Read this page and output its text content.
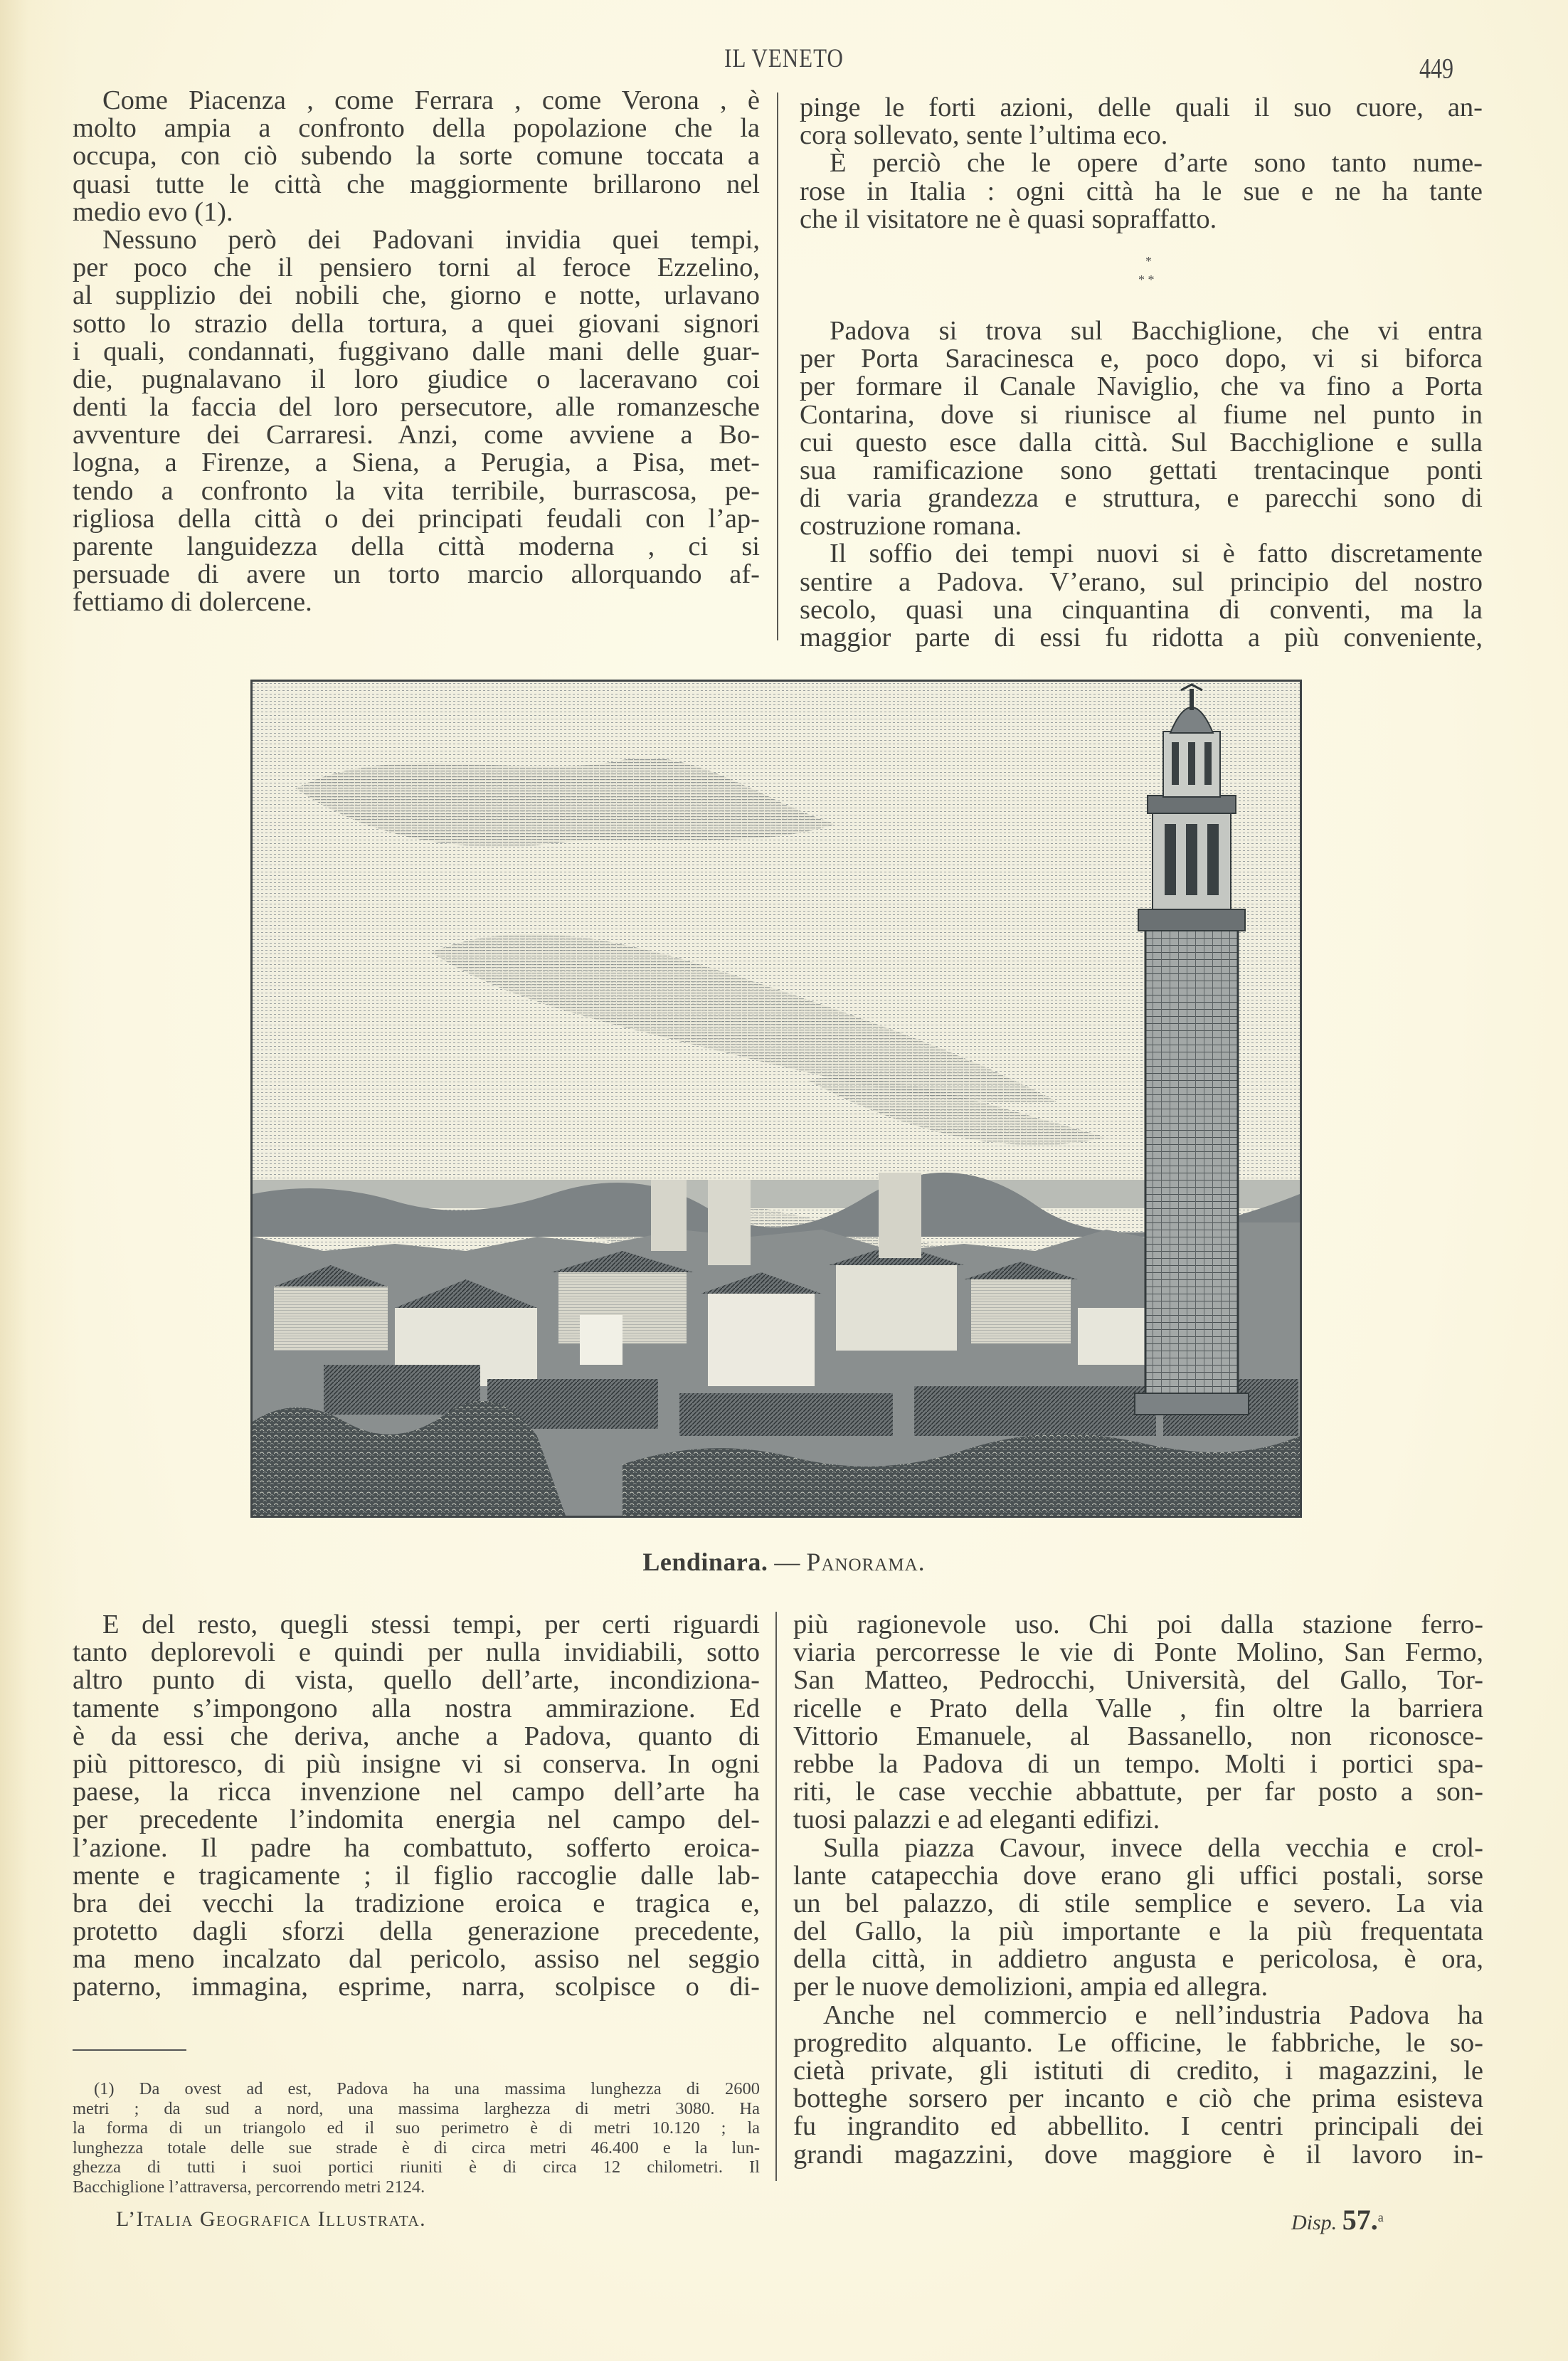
IL VENETO	449
Come Piacenza , come Ferrara , come Verona , è
molto ampia a confronto della popolazione che la
occupa, con ciò subendo la sorte comune toccata a
quasi tutte le città che maggiormente brillarono nel
medio evo (1).
Nessuno però dei Padovani invidia quei tempi,
per poco che il pensiero torni al feroce Ezzelino,
al supplizio dei nobili che, giorno e notte, urlavano
sotto lo strazio della tortura, a quei giovani signori
i quali, condannati, fuggivano dalle mani delle guar-
die, pugnalavano il loro giudice o laceravano coi
denti la faccia del loro persecutore, alle romanzesche
avventure dei Carraresi. Anzi, come avviene a Bo-
logna, a Firenze, a Siena, a Perugia, a Pisa, met-
tendo a confronto la vita terribile, burrascosa, pe-
rigliosa della città o dei principati feudali con l’ap-
parente languidezza della città moderna , ci si
persuade di avere un torto marcio allorquando af-
fettiamo di dolercene.
pinge le forti azioni, delle quali il suo cuore, an-
cora sollevato, sente l’ultima eco.
È perciò che le opere d’arte sono tanto nume-
rose in Italia : ogni città ha le sue e ne ha tante
che il visitatore ne è quasi sopraffatto.
*
* *
Padova si trova sul Bacchiglione, che vi entra
per Porta Saracinesca e, poco dopo, vi si biforca
per formare il Canale Naviglio, che va fino a Porta
Contarina, dove si riunisce al fiume nel punto in
cui questo esce dalla città. Sul Bacchiglione e sulla
sua ramificazione sono gettati trentacinque ponti
di varia grandezza e struttura, e parecchi sono di
costruzione romana.
Il soffio dei tempi nuovi si è fatto discretamente
sentire a Padova. V’erano, sul principio del nostro
secolo, quasi una cinquantina di conventi, ma la
maggior parte di essi fu ridotta a più conveniente,
Lendinara. — Panorama.
E del resto, quegli stessi tempi, per certi riguardi
tanto deplorevoli e quindi per nulla invidiabili, sotto
altro punto di vista, quello dell’arte, incondiziona-
tamente s’impongono alla nostra ammirazione. Ed
è da essi che deriva, anche a Padova, quanto di
più pittoresco, di più insigne vi si conserva. In ogni
paese, la ricca invenzione nel campo dell’arte ha
per precedente l’indomita energia nel campo del-
l’azione. Il padre ha combattuto, sofferto eroica-
mente e tragicamente ; il figlio raccoglie dalle lab-
bra dei vecchi la tradizione eroica e tragica e,
protetto dagli sforzi della generazione precedente,
ma meno incalzato dal pericolo, assiso nel seggio
paterno, immagina, esprime, narra, scolpisce o di-
più ragionevole uso. Chi poi dalla stazione ferro-
viaria percorresse le vie di Ponte Molino, San Fermo,
San Matteo, Pedrocchi, Università, del Gallo, Tor-
ricelle e Prato della Valle , fin oltre la barriera
Vittorio Emanuele, al Bassanello, non riconosce-
rebbe la Padova di un tempo. Molti i portici spa-
riti, le case vecchie abbattute, per far posto a son-
tuosi palazzi e ad eleganti edifizi.
Sulla piazza Cavour, invece della vecchia e crol-
lante catapecchia dove erano gli uffici postali, sorse
un bel palazzo, di stile semplice e severo. La via
del Gallo, la più importante e la più frequentata
della città, in addietro angusta e pericolosa, è ora,
per le nuove demolizioni, ampia ed allegra.
Anche nel commercio e nell’industria Padova ha
progredito alquanto. Le officine, le fabbriche, le so-
cietà private, gli istituti di credito, i magazzini, le
botteghe sorsero per incanto e ciò che prima esisteva
fu ingrandito ed abbellito. I centri principali dei
grandi magazzini, dove maggiore è il lavoro in-
(1) Da ovest ad est, Padova ha una massima lunghezza di 2600
metri ; da sud a nord, una massima larghezza di metri 3080. Ha
la forma di un triangolo ed il suo perimetro è di metri 10.120 ; la
lunghezza totale delle sue strade è di circa metri 46.400 e la lun-
ghezza di tutti i suoi portici riuniti è di circa 12 chilometri. Il
Bacchiglione l’attraversa, percorrendo metri 2124.
L’Italia Geografica Illustrata.	Disp. 57.$^a$
